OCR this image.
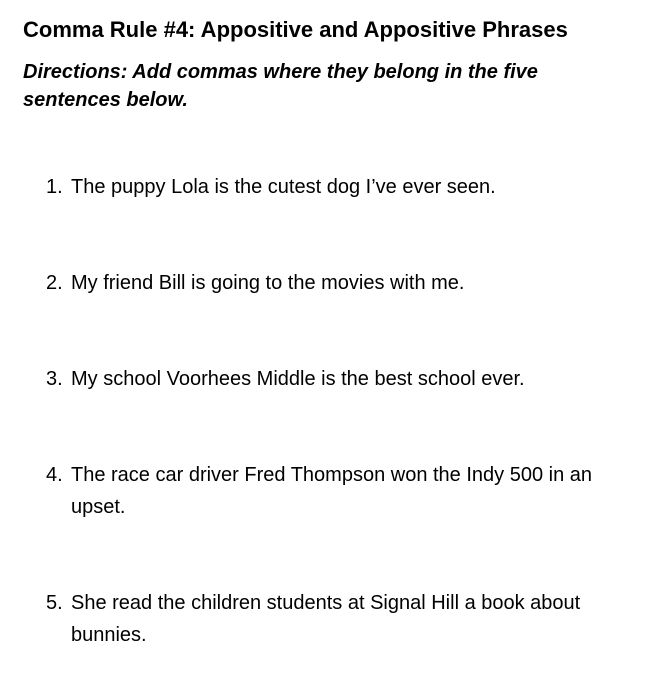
Comma Rule #4: Appositive and Appositive Phrases

Directions: Add commas where they belong in the five sentences below.

1. The puppy Lola is the cutest dog I’ve ever seen.
2. My friend Bill is going to the movies with me.
3. My school Voorhees Middle is the best school ever.
4. The race car driver Fred Thompson won the Indy 500 in an upset.
5. She read the children students at Signal Hill a book about bunnies.
